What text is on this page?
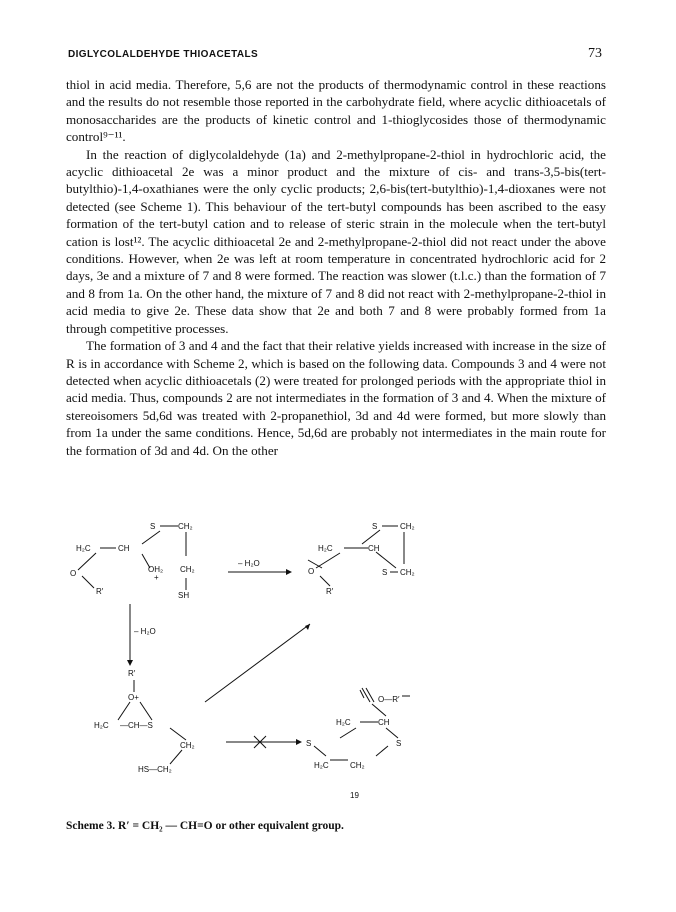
DIGLYCOLALDEHYDE THIOACETALS	73

thiol in acid media. Therefore, 5,6 are not the products of thermodynamic control in these reactions and the results do not resemble those reported in the carbohydrate field, where acyclic dithioacetals of monosaccharides are the products of kinetic control and 1-thioglycosides those of thermodynamic control⁹⁻¹¹.

In the reaction of diglycolaldehyde (1a) and 2-methylpropane-2-thiol in hydrochloric acid, the acyclic dithioacetal 2e was a minor product and the mixture of cis- and trans-3,5-bis(tert-butylthio)-1,4-oxathianes were the only cyclic products; 2,6-bis(tert-butylthio)-1,4-dioxanes were not detected (see Scheme 1). This behaviour of the tert-butyl compounds has been ascribed to the easy formation of the tert-butyl cation and to release of steric strain in the molecule when the tert-butyl cation is lost¹². The acyclic dithioacetal 2e and 2-methylpropane-2-thiol did not react under the above conditions. However, when 2e was left at room temperature in concentrated hydrochloric acid for 2 days, 3e and a mixture of 7 and 8 were formed. The reaction was slower (t.l.c.) than the formation of 7 and 8 from 1a. On the other hand, the mixture of 7 and 8 did not react with 2-methylpropane-2-thiol in acid media to give 2e. These data show that 2e and both 7 and 8 were probably formed from 1a through competitive processes.

The formation of 3 and 4 and the fact that their relative yields increased with increase in the size of R is in accordance with Scheme 2, which is based on the following data. Compounds 3 and 4 were not detected when acyclic dithioacetals (2) were treated for prolonged periods with the appropriate thiol in acid media. Thus, compounds 2 are not intermediates in the formation of 3 and 4. When the mixture of stereoisomers 5d,6d was treated with 2-propanethiol, 3d and 4d were formed, but more slowly than from 1a under the same conditions. Hence, 5d,6d are probably not intermediates in the main route for the formation of 3d and 4d. On the other

S	CH₂
H₂C	CH
O	OH₂
+
CH₂
R′	SH
– H₂O
S	CH₂
H₂C	CH
O	S CH₂
R′
– H₂O
R′
O+
H₂C —CH—S
CH₂
HS—CH₂
O—R′
H₂C	CH
S	S
H₂C	CH₂
19
Scheme 3. R′ = CH₂ — CH=O or other equivalent group.
